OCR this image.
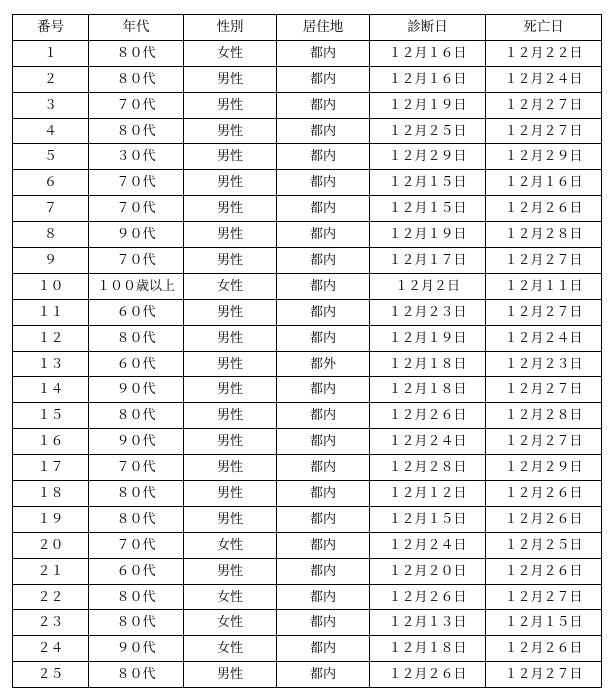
番号	年代	性別	居住地	診断日	死亡日
１	８０代	女性	都内	１２月１６日	１２月２２日
２	８０代	男性	都内	１２月１６日	１２月２４日
３	７０代	男性	都内	１２月１９日	１２月２７日
４	８０代	男性	都内	１２月２５日	１２月２７日
５	３０代	男性	都内	１２月２９日	１２月２９日
６	７０代	男性	都内	１２月１５日	１２月１６日
７	７０代	男性	都内	１２月１５日	１２月２６日
８	９０代	男性	都内	１２月１９日	１２月２８日
９	７０代	男性	都内	１２月１７日	１２月２７日
１０	１００歳以上	女性	都内	１２月２日	１２月１１日
１１	６０代	男性	都内	１２月２３日	１２月２７日
１２	８０代	男性	都内	１２月１９日	１２月２４日
１３	６０代	男性	都外	１２月１８日	１２月２３日
１４	９０代	男性	都内	１２月１８日	１２月２７日
１５	８０代	男性	都内	１２月２６日	１２月２８日
１６	９０代	男性	都内	１２月２４日	１２月２７日
１７	７０代	男性	都内	１２月２８日	１２月２９日
１８	８０代	男性	都内	１２月１２日	１２月２６日
１９	８０代	男性	都内	１２月１５日	１２月２６日
２０	７０代	女性	都内	１２月２４日	１２月２５日
２１	６０代	男性	都内	１２月２０日	１２月２６日
２２	８０代	女性	都内	１２月２６日	１２月２７日
２３	８０代	女性	都内	１２月１３日	１２月１５日
２４	９０代	女性	都内	１２月１８日	１２月２６日
２５	８０代	男性	都内	１２月２６日	１２月２７日
